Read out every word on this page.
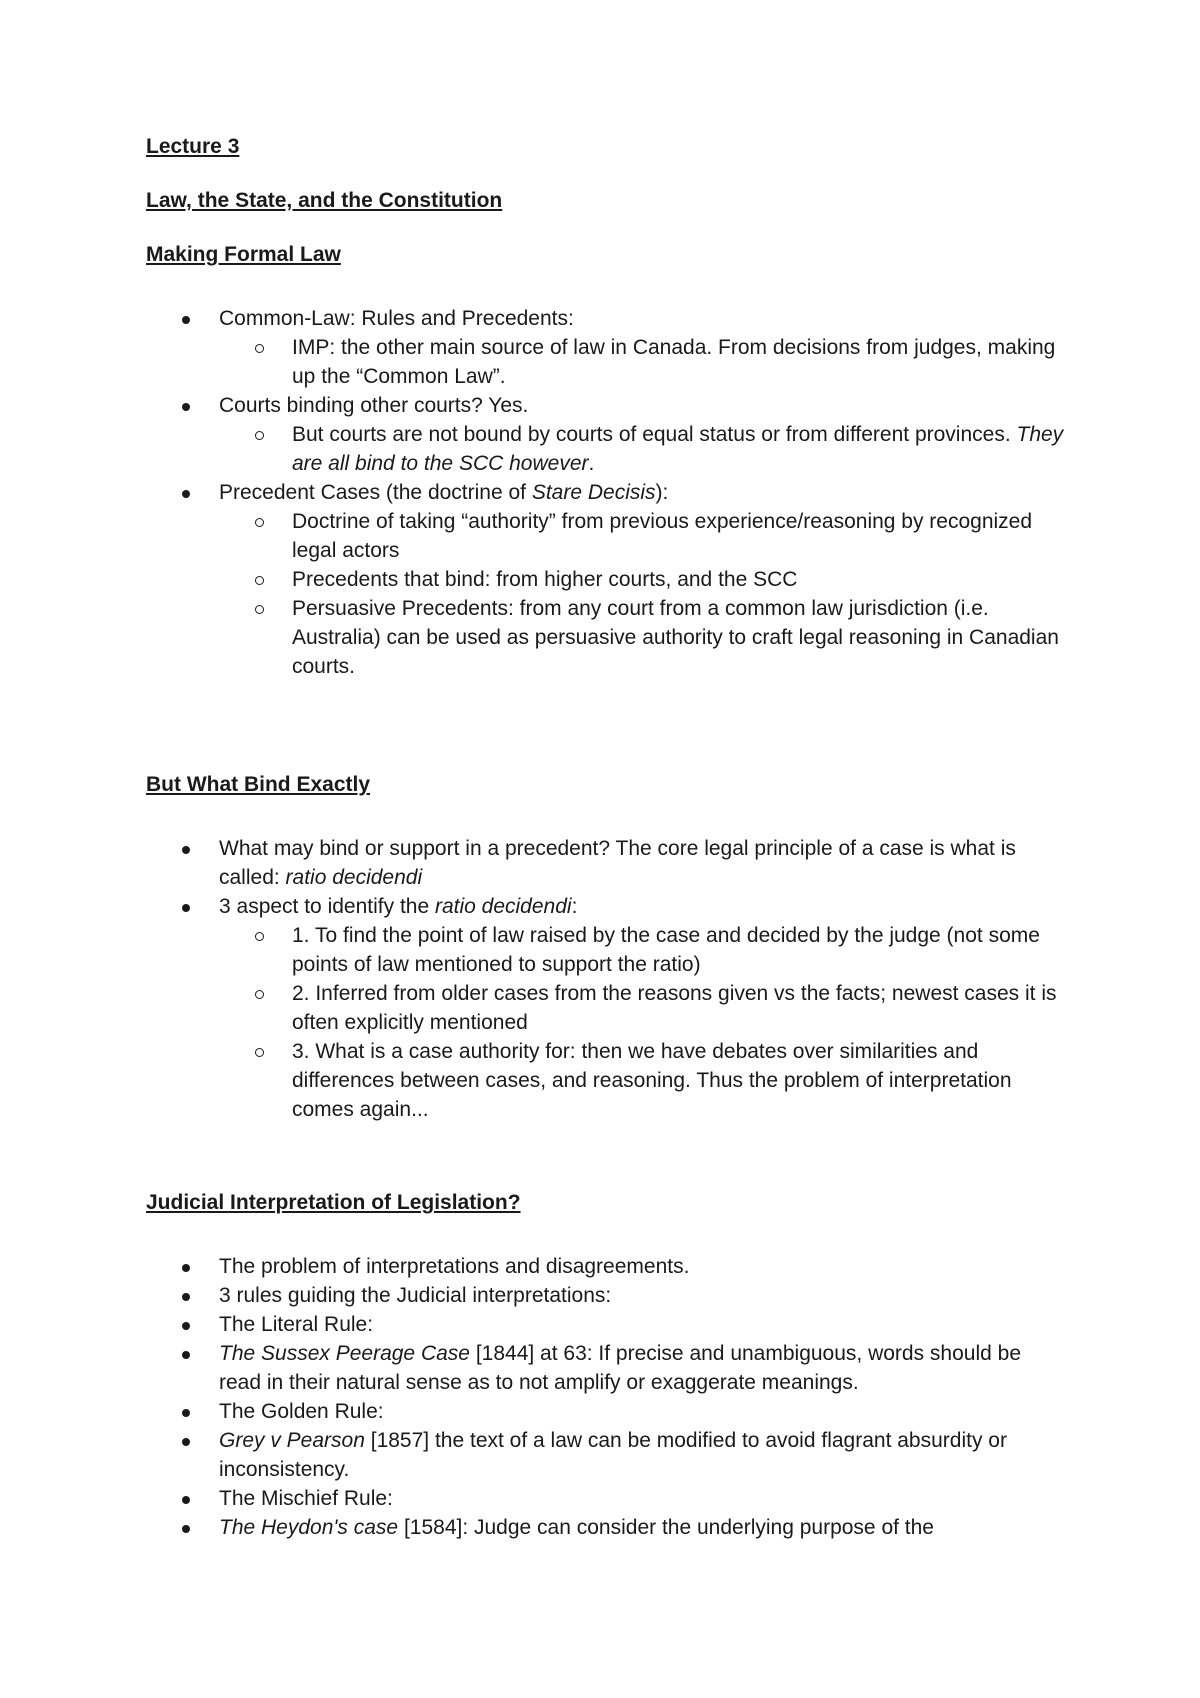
Lecture 3
Law, the State, and the Constitution
Making Formal Law
Common-Law: Rules and Precedents:
IMP: the other main source of law in Canada. From decisions from judges, making up the “Common Law”.
Courts binding other courts? Yes.
But courts are not bound by courts of equal status or from different provinces. They are all bind to the SCC however.
Precedent Cases (the doctrine of Stare Decisis):
Doctrine of taking “authority” from previous experience/reasoning by recognized legal actors
Precedents that bind: from higher courts, and the SCC
Persuasive Precedents: from any court from a common law jurisdiction (i.e. Australia) can be used as persuasive authority to craft legal reasoning in Canadian courts.
But What Bind Exactly
What may bind or support in a precedent? The core legal principle of a case is what is called: ratio decidendi
3 aspect to identify the ratio decidendi:
1. To find the point of law raised by the case and decided by the judge (not some points of law mentioned to support the ratio)
2. Inferred from older cases from the reasons given vs the facts; newest cases it is often explicitly mentioned
3. What is a case authority for: then we have debates over similarities and differences between cases, and reasoning. Thus the problem of interpretation comes again...
Judicial Interpretation of Legislation?
The problem of interpretations and disagreements.
3 rules guiding the Judicial interpretations:
The Literal Rule:
The Sussex Peerage Case [1844] at 63: If precise and unambiguous, words should be read in their natural sense as to not amplify or exaggerate meanings.
The Golden Rule:
Grey v Pearson [1857] the text of a law can be modified to avoid flagrant absurdity or inconsistency.
The Mischief Rule:
The Heydon's case [1584]: Judge can consider the underlying purpose of the
